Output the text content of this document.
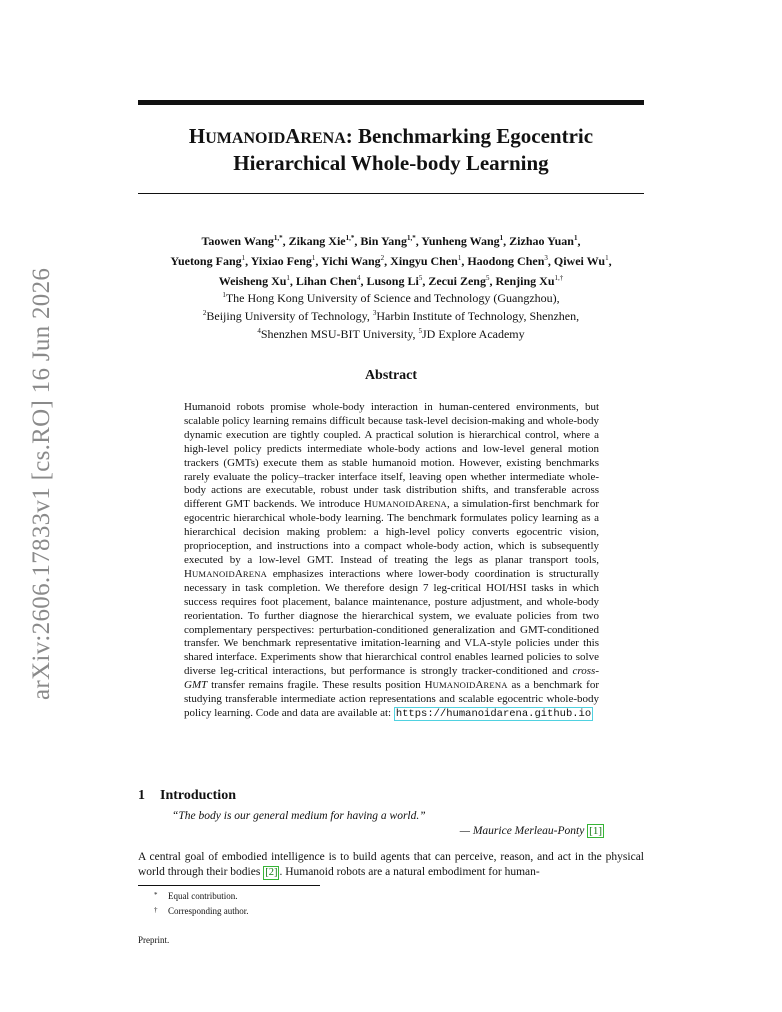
arXiv:2606.17833v1 [cs.RO] 16 Jun 2026
HUMANOIDARENA: Benchmarking Egocentric
Hierarchical Whole-body Learning
Taowen Wang$^{1,*}$, Zikang Xie$^{1,*}$, Bin Yang$^{1,*}$, Yunheng Wang$^1$, Zizhao Yuan$^1$,
Yuetong Fang$^1$, Yixiao Feng$^1$, Yichi Wang$^2$, Xingyu Chen$^1$, Haodong Chen$^3$, Qiwei Wu$^1$,
Weisheng Xu$^1$, Lihan Chen$^4$, Lusong Li$^5$, Zecui Zeng$^5$, Renjing $Xu^{1,\dagger}$
$^1$The Hong Kong University of Science and Technology (Guangzhou),
$^2$Beijing University of Technology, $^3$Harbin Institute of Technology, Shenzhen,
$^4$Shenzhen MSU-BIT University, $^5$JD Explore Academy
Abstract
Humanoid robots promise whole-body interaction in human-centered environments, but scalable policy learning remains difficult because task-level decision-making and whole-body dynamic execution are tightly coupled. A practical solution is hierarchical control, where a high-level policy predicts intermediate whole-body actions and low-level general motion trackers (GMTs) execute them as stable humanoid motion. However, existing benchmarks rarely evaluate the policy–tracker interface itself, leaving open whether intermediate whole-body actions are executable, robust under task distribution shifts, and transferable across different GMT backends. We introduce HUMANOIDARENA, a simulation-first benchmark for egocentric hierarchical whole-body learning. The benchmark formulates policy learning as a hierarchical decision making problem: a high-level policy converts egocentric vision, proprioception, and instructions into a compact whole-body action, which is subsequently executed by a low-level GMT. Instead of treating the legs as planar transport tools, HUMANOIDARENA emphasizes interactions where lower-body coordination is structurally necessary in task completion. We therefore design 7 leg-critical HOI/HSI tasks in which success requires foot placement, balance maintenance, posture adjustment, and whole-body reorientation. To further diagnose the hierarchical system, we evaluate policies from two complementary perspectives: perturbation-conditioned generalization and GMT-conditioned transfer. We benchmark representative imitation-learning and VLA-style policies under this shared interface. Experiments show that hierarchical control enables learned policies to solve diverse leg-critical interactions, but performance is strongly tracker-conditioned and cross-GMT transfer remains fragile. These results position HUMANOIDARENA as a benchmark for studying transferable intermediate action representations and scalable egocentric whole-body policy learning. Code and data are available at: https://humanoidarena.github.io
1 Introduction
“The body is our general medium for having a world.”
— Maurice Merleau-Ponty [1]
A central goal of embodied intelligence is to build agents that can perceive, reason, and act in the physical world through their bodies [2] . Humanoid robots are a natural embodiment for human-
* Equal contribution.
† Corresponding author.
Preprint.
